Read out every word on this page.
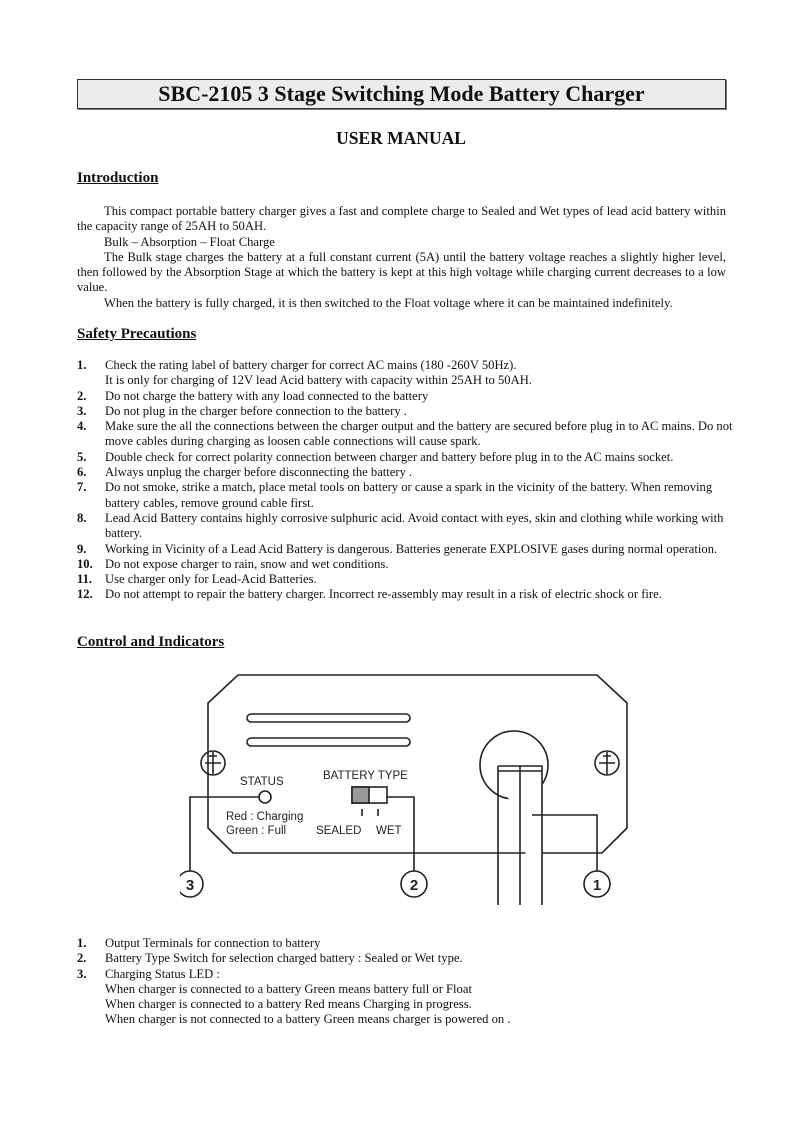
SBC-2105 3 Stage Switching Mode Battery Charger
USER MANUAL
Introduction

This compact portable battery charger gives a fast and complete charge to Sealed and Wet types of lead acid battery within the capacity range of 25AH to 50AH.

Bulk – Absorption – Float Charge

The Bulk stage charges the battery at a full constant current (5A) until the battery voltage reaches a slightly higher level, then followed by the Absorption Stage at which the battery is kept at this high voltage while charging current decreases to a low value.

When the battery is fully charged, it is then switched to the Float voltage where it can be maintained indefinitely.

Safety Precautions
1.	Check the rating label of battery charger for correct AC mains (180 -260V 50Hz).
It is only for charging of 12V lead Acid battery with capacity within 25AH to 50AH.
2.	Do not charge the battery with any load connected to the battery
3.	Do not plug in the charger before connection to the battery .
4.	Make sure the all the connections between the charger output and the battery are secured before plug in to AC mains. Do not move cables during charging as loosen cable connections will cause spark.
5.	Double check for correct polarity connection between charger and battery before plug in to the AC mains socket.
6.	Always unplug the charger before disconnecting the battery .
7.	Do not smoke, strike a match, place metal tools on battery or cause a spark in the vicinity of the battery. When removing battery cables, remove ground cable first.
8.	Lead Acid Battery contains highly corrosive sulphuric acid. Avoid contact with eyes, skin and clothing while working with battery.
9.	Working in Vicinity of a Lead Acid Battery is dangerous. Batteries generate EXPLOSIVE gases during normal operation.
10. Do not expose charger to rain, snow and wet conditions.
11.	Use charger only for Lead-Acid Batteries.
12. Do not attempt to repair the battery charger. Incorrect re-assembly may result in a risk of electric shock or fire.
Control and Indicators
STATUS	BATTERY TYPE
Red : Charging
Green : Full	SEALED WET
1
2
3
1.	Output Terminals for connection to battery
2.	Battery Type Switch for selection charged battery : Sealed or Wet type.
3.	Charging Status LED :
When charger is connected to a battery Green means battery full or Float
When charger is connected to a battery Red means Charging in progress.
When charger is not connected to a battery Green means charger is powered on .
